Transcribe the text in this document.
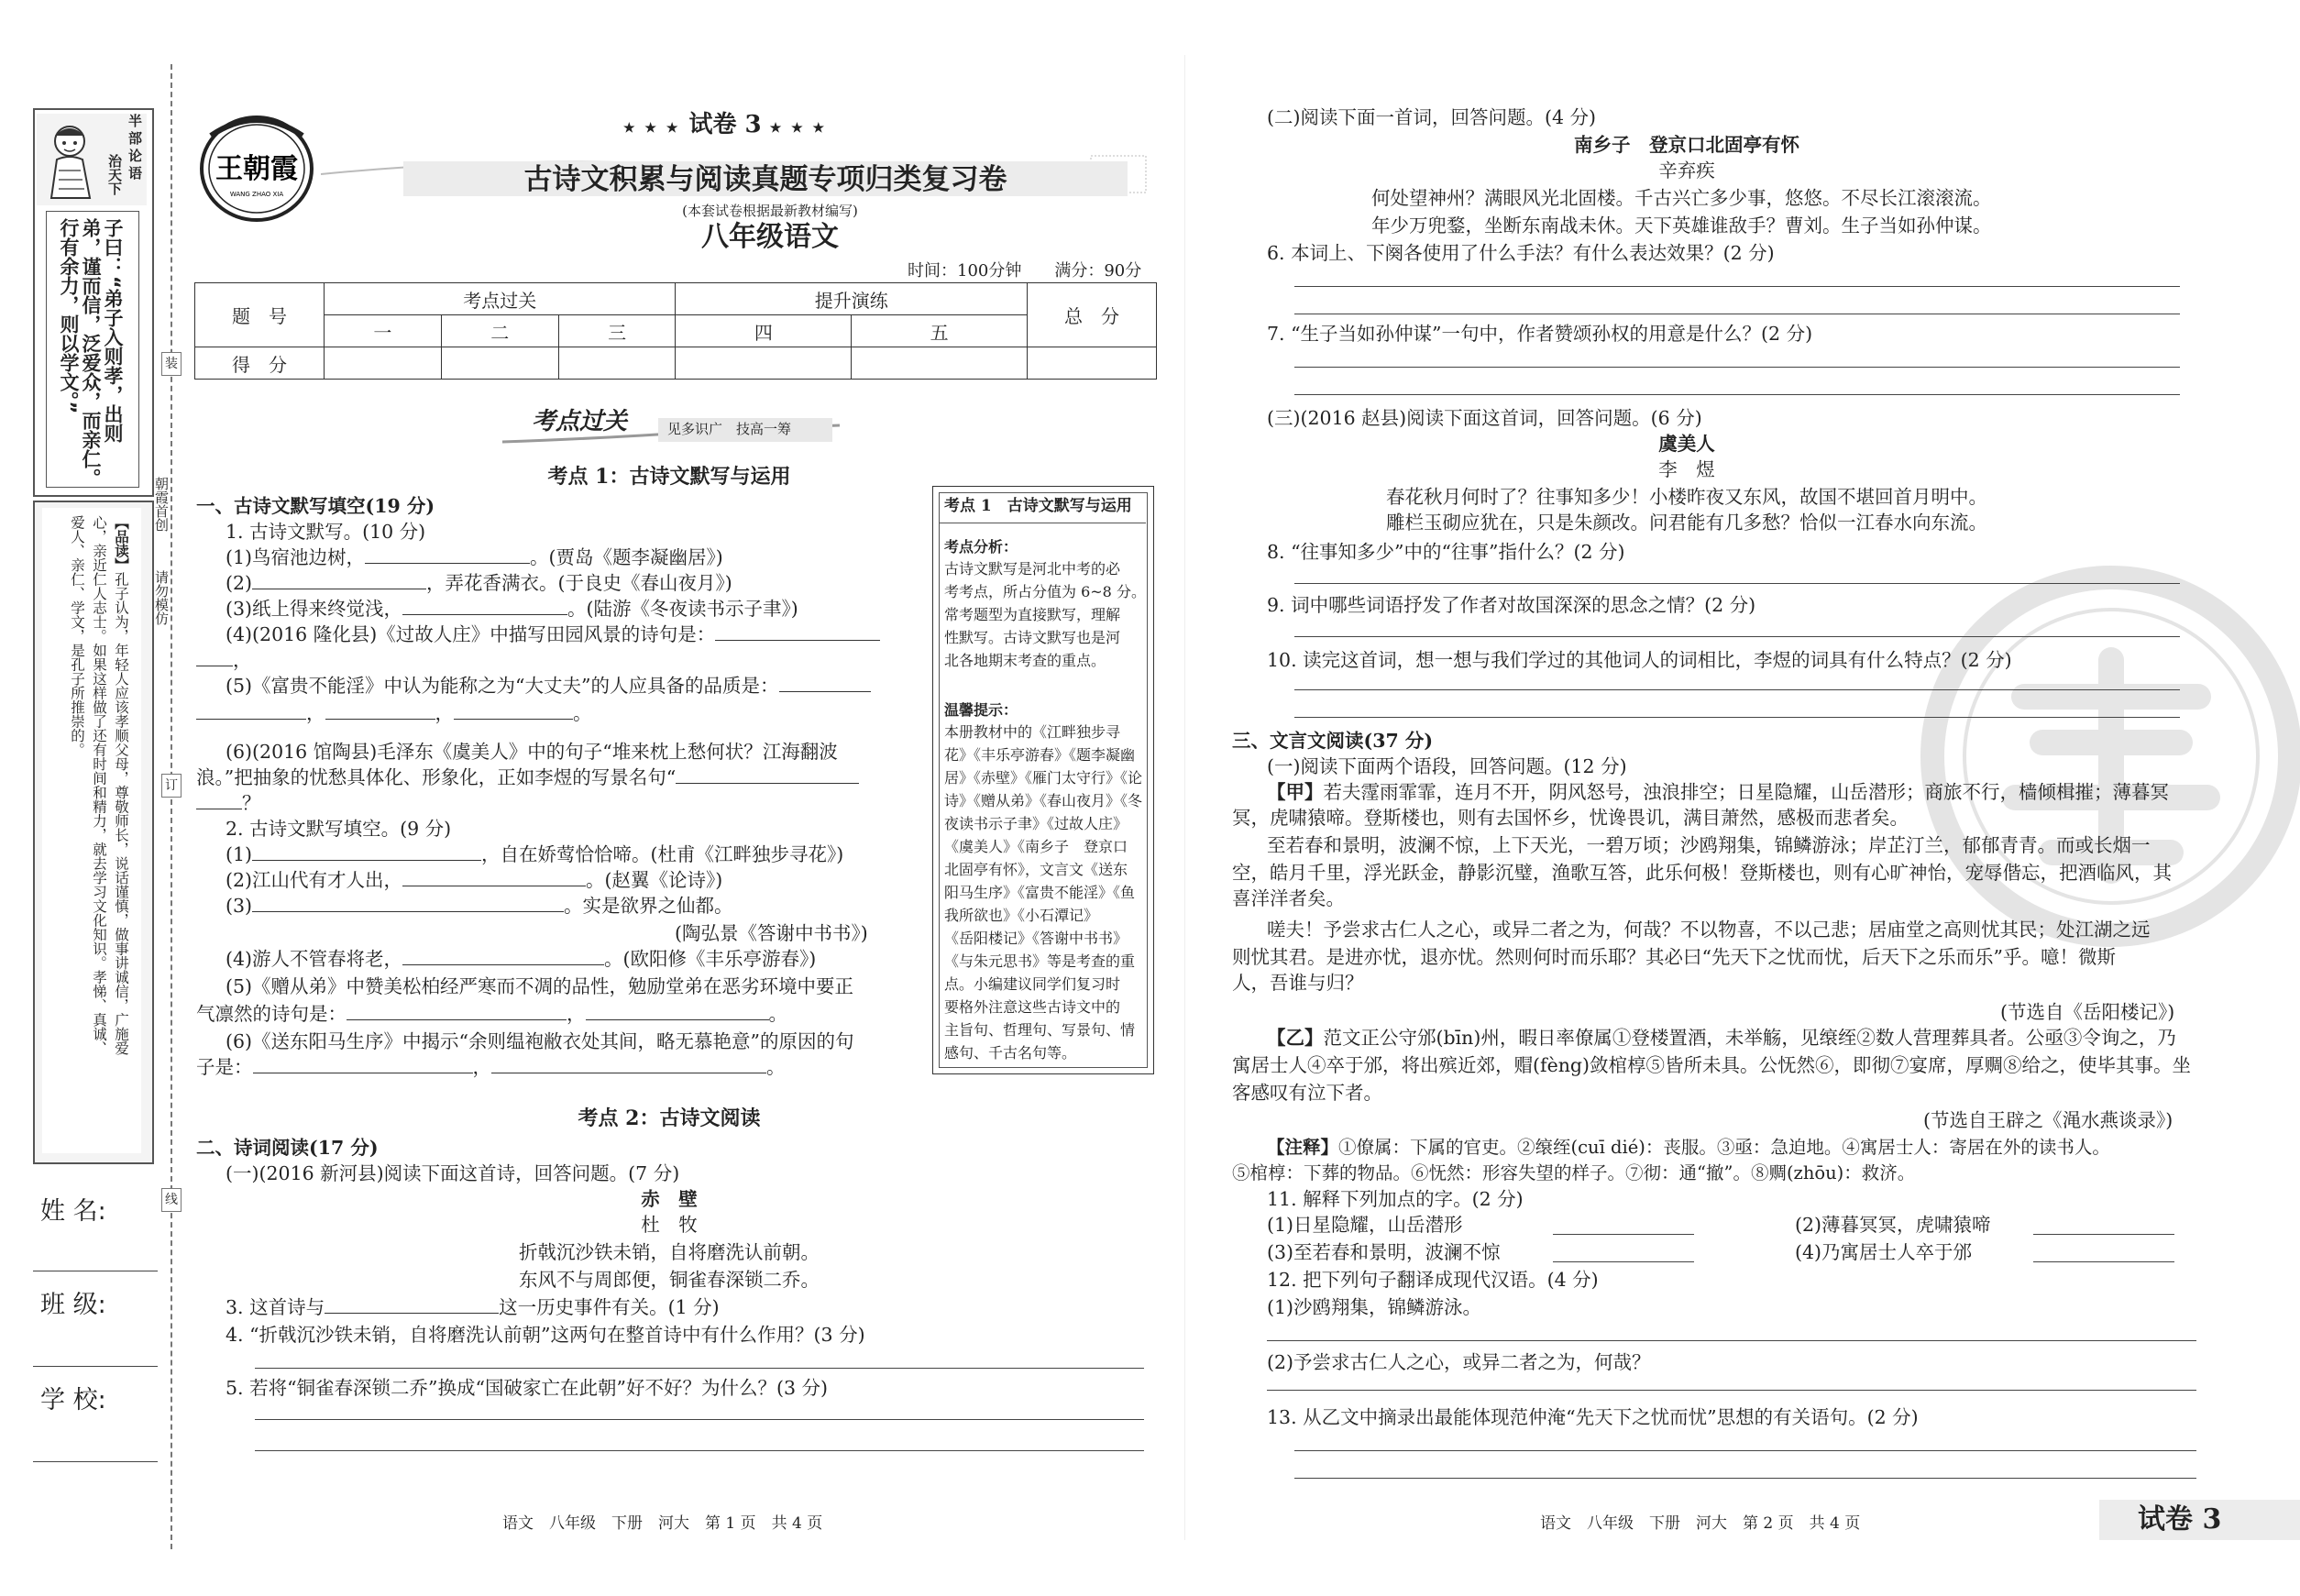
治天下
半部论语
子曰：“弟子入则孝，出则
弟，谨而信，泛爱众，而亲仁。
行有余力，则以学文。”
【品读】孔子认为，年轻人应该孝顺父母，尊敬师长，说话谨慎，做事讲诚信，广施爱
心，亲近仁人志士。如果这样做了还有时间和精力，就去学习文化知识。孝悌、真诚、
爱人、亲仁、学文，是孔子所推崇的。
姓 名:
班 级:
学 校:
装
订
线
朝霞首创
请勿模仿
王朝霞
WANG ZHAO XIA
★ ★ ★ 试卷 3 ★ ★ ★
古诗文积累与阅读真题专项归类复习卷
(本套试卷根据最新教材编写)
八年级语文
时间：100分钟　　满分：90分
题　号	考点过关			提升演练		总　分
	一	二	三	四	五	
得　分						
考点过关	见多识广　技高一筹
考点 1：古诗文默写与运用
一、古诗文默写填空(19 分)
1. 古诗文默写。(10 分)
(1)鸟宿池边树，	。(贾岛《题李凝幽居》)
(2)	，弄花香满衣。(于良史《春山夜月》)
(3)纸上得来终觉浅，	。(陆游《冬夜读书示子聿》)
(4)(2016 隆化县)《过故人庄》中描写田园风景的诗句是：
，
(5)《富贵不能淫》中认为能称之为“大丈夫”的人应具备的品质是：
，	，	。
(6)(2016 馆陶县)毛泽东《虞美人》中的句子“堆来枕上愁何状？江海翻波
浪。”把抽象的忧愁具体化、形象化，正如李煜的写景名句“
？
2. 古诗文默写填空。(9 分)
(1)	，自在娇莺恰恰啼。(杜甫《江畔独步寻花》)
(2)江山代有才人出，	。(赵翼《论诗》)
(3)	。实是欲界之仙都。
(陶弘景《答谢中书书》)
(4)游人不管春将老，	。(欧阳修《丰乐亭游春》)
(5)《赠从弟》中赞美松柏经严寒而不凋的品性，勉励堂弟在恶劣环境中要正
气凛然的诗句是：	，	。
(6)《送东阳马生序》中揭示“余则缊袍敝衣处其间，略无慕艳意”的原因的句
子是：	，	。
考点 1　古诗文默写与运用
考点分析：
古诗文默写是河北中考的必
考考点，所占分值为 6~8 分。
常考题型为直接默写，理解
性默写。古诗文默写也是河
北各地期末考查的重点。
温馨提示：
本册教材中的《江畔独步寻
花》《丰乐亭游春》《题李凝幽
居》《赤壁》《雁门太守行》《论
诗》《赠从弟》《春山夜月》《冬
夜读书示子聿》《过故人庄》
《虞美人》《南乡子　登京口
北固亭有怀》，文言文《送东
阳马生序》《富贵不能淫》《鱼
我所欲也》《小石潭记》
《岳阳楼记》《答谢中书书》
《与朱元思书》等是考查的重
点。小编建议同学们复习时
要格外注意这些古诗文中的
主旨句、哲理句、写景句、情
感句、千古名句等。
考点 2：古诗文阅读
二、诗词阅读(17 分)
(一)(2016 新河县)阅读下面这首诗，回答问题。(7 分)
赤　壁
杜　牧
折戟沉沙铁未销，自将磨洗认前朝。
东风不与周郎便，铜雀春深锁二乔。
3. 这首诗与	这一历史事件有关。(1 分)
4. “折戟沉沙铁未销，自将磨洗认前朝”这两句在整首诗中有什么作用？(3 分)
5. 若将“铜雀春深锁二乔”换成“国破家亡在此朝”好不好？为什么？(3 分)
语文　八年级　下册　河大　第 1 页　共 4 页
(二)阅读下面一首词，回答问题。(4 分)
南乡子　登京口北固亭有怀
辛弃疾
何处望神州？满眼风光北固楼。千古兴亡多少事，悠悠。不尽长江滚滚流。
年少万兜鍪，坐断东南战未休。天下英雄谁敌手？曹刘。生子当如孙仲谋。
6. 本词上、下阕各使用了什么手法？有什么表达效果？(2 分)
7. “生子当如孙仲谋”一句中，作者赞颂孙权的用意是什么？(2 分)
(三)(2016 赵县)阅读下面这首词，回答问题。(6 分)
虞美人
李　煜
春花秋月何时了？往事知多少！小楼昨夜又东风，故国不堪回首月明中。
雕栏玉砌应犹在，只是朱颜改。问君能有几多愁？恰似一江春水向东流。
8. “往事知多少”中的“往事”指什么？(2 分)
9. 词中哪些词语抒发了作者对故国深深的思念之情？(2 分)
10. 读完这首词，想一想与我们学过的其他词人的词相比，李煜的词具有什么特点？(2 分)
三、文言文阅读(37 分)
(一)阅读下面两个语段，回答问题。(12 分)
【甲】若夫霪雨霏霏，连月不开，阴风怒号，浊浪排空；日星隐耀，山岳潜形；商旅不行，樯倾楫摧；薄暮冥
冥，虎啸猿啼。登斯楼也，则有去国怀乡，忧谗畏讥，满目萧然，感极而悲者矣。
至若春和景明，波澜不惊，上下天光，一碧万顷；沙鸥翔集，锦鳞游泳；岸芷汀兰，郁郁青青。而或长烟一
空，皓月千里，浮光跃金，静影沉璧，渔歌互答，此乐何极！登斯楼也，则有心旷神怡，宠辱偕忘，把酒临风，其
喜洋洋者矣。
嗟夫！予尝求古仁人之心，或异二者之为，何哉？不以物喜，不以己悲；居庙堂之高则忧其民；处江湖之远
则忧其君。是进亦忧，退亦忧。然则何时而乐耶？其必曰“先天下之忧而忧，后天下之乐而乐”乎。噫！微斯
人，吾谁与归？
(节选自《岳阳楼记》)
【乙】范文正公守邠(bīn)州，暇日率僚属①登楼置酒，未举觞，见缞绖②数人营理葬具者。公亟③令询之，乃
寓居士人④卒于邠，将出殡近郊，赗(fèng)敛棺椁⑤皆所未具。公怃然⑥，即彻⑦宴席，厚赒⑧给之，使毕其事。坐
客感叹有泣下者。
(节选自王辟之《渑水燕谈录》)
【注释】①僚属：下属的官吏。②缞绖(cuī dié)：丧服。③亟：急迫地。④寓居士人：寄居在外的读书人。
⑤棺椁：下葬的物品。⑥怃然：形容失望的样子。⑦彻：通“撤”。⑧赒(zhōu)：救济。
11. 解释下列加点的字。(2 分)
(1)日星隐耀，山岳潜形	(2)薄暮冥冥，虎啸猿啼
(3)至若春和景明，波澜不惊	(4)乃寓居士人卒于邠
12. 把下列句子翻译成现代汉语。(4 分)
(1)沙鸥翔集，锦鳞游泳。
(2)予尝求古仁人之心，或异二者之为，何哉？
13. 从乙文中摘录出最能体现范仲淹“先天下之忧而忧”思想的有关语句。(2 分)
语文　八年级　下册　河大　第 2 页　共 4 页	试卷 3
